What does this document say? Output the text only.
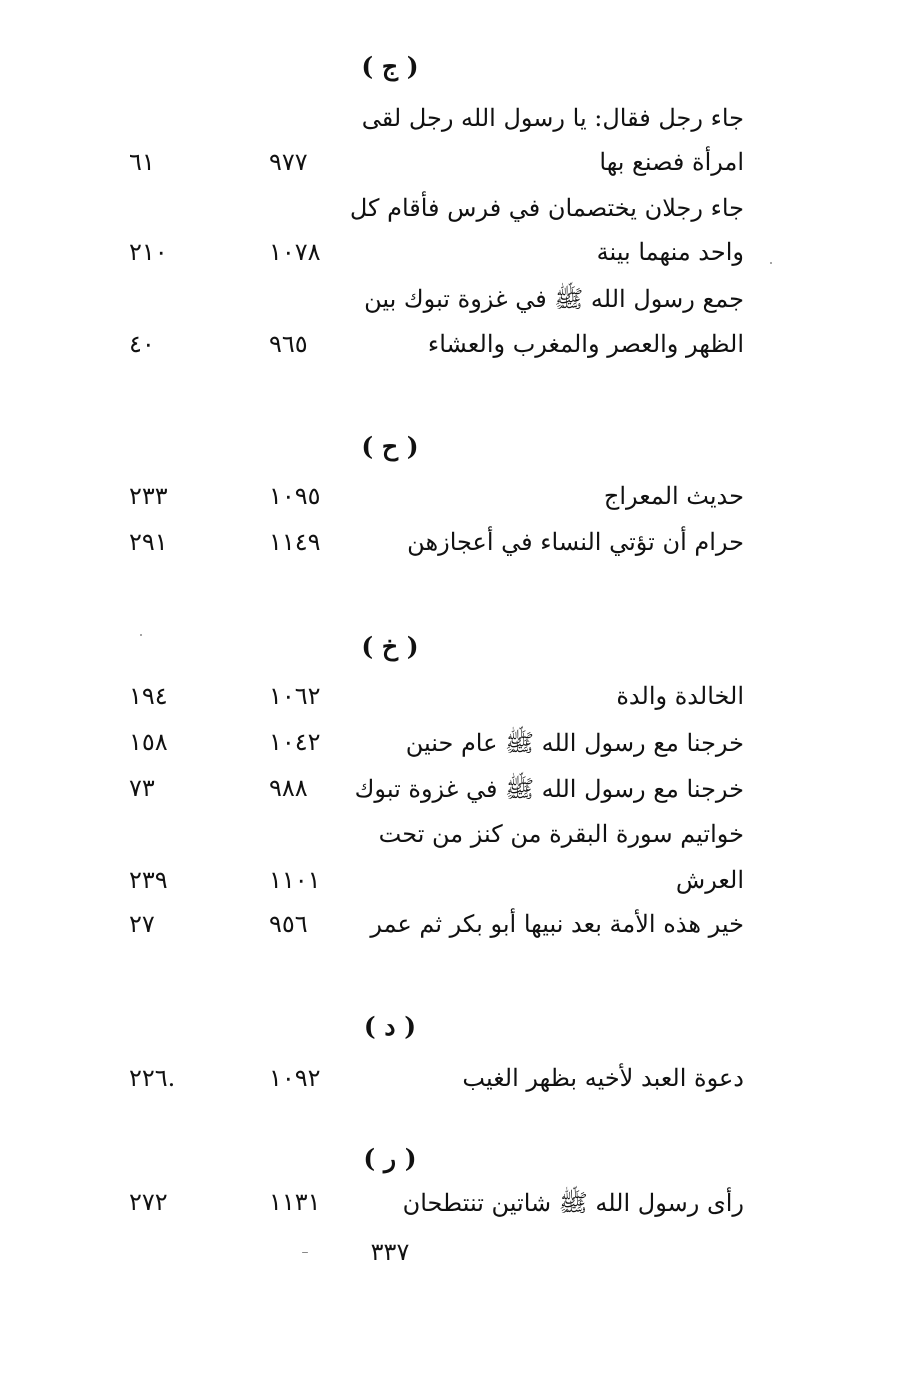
( ج )
جاء رجل فقال: يا رسول الله رجل لقى
امرأة فصنع بها
٩٧٧
٦١
جاء رجلان يختصمان في فرس فأقام كل
واحد منهما بينة
١٠٧٨
٢١٠
جمع رسول الله ﷺ في غزوة تبوك بين
الظهر والعصر والمغرب والعشاء
٩٦٥
٤٠
( ح )
حديث المعراج
١٠٩٥
٢٣٣
حرام أن تؤتي النساء في أعجازهن
١١٤٩
٢٩١
( خ )
الخالدة والدة
١٠٦٢
١٩٤
خرجنا مع رسول الله ﷺ عام حنين
١٠٤٢
١٥٨
خرجنا مع رسول الله ﷺ في غزوة تبوك
٩٨٨
٧٣
خواتيم سورة البقرة من كنز من تحت
العرش
١١٠١
٢٣٩
خير هذه الأمة بعد نبيها أبو بكر ثم عمر
٩٥٦
٢٧
( د )
دعوة العبد لأخيه بظهر الغيب
١٠٩٢
.٢٢٦
( ر )
رأى رسول الله ﷺ شاتين تنتطحان
١١٣١
٢٧٢
٣٣٧
